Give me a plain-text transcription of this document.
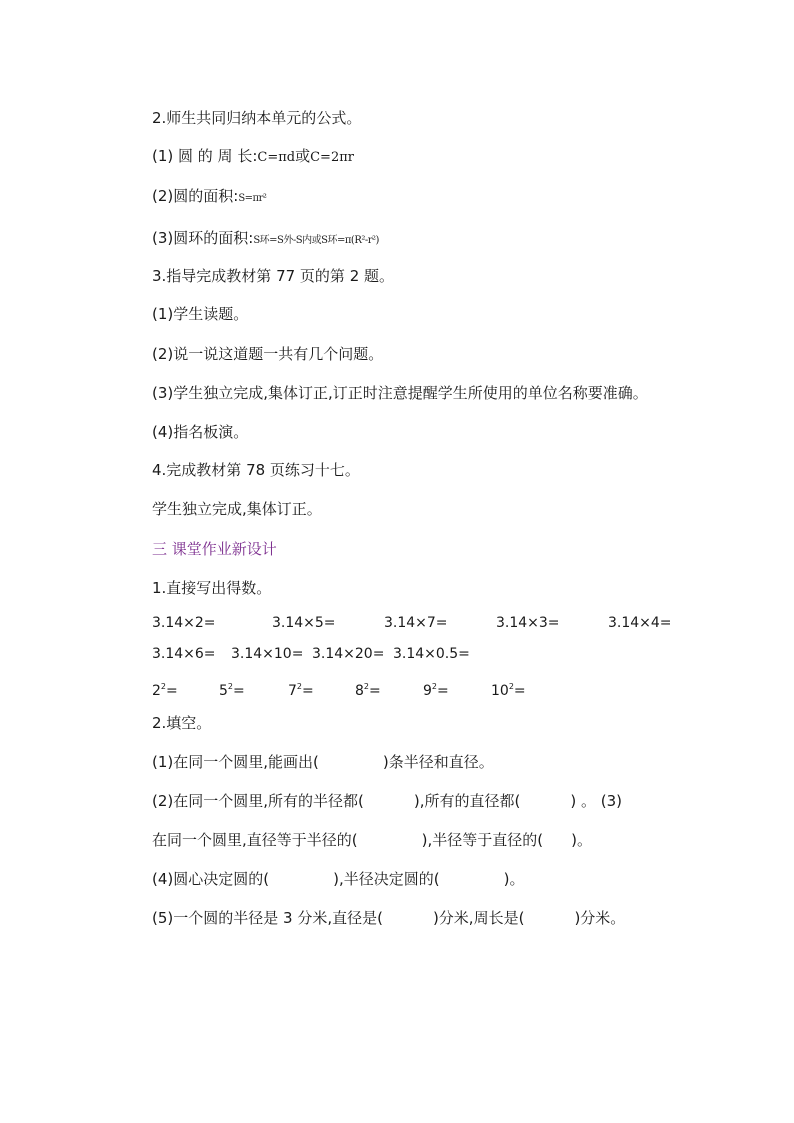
2.师生共同归纳本单元的公式。
(1) 圆 的 周 长:C=πd或C=2πr
(2)圆的面积:S=πr²
(3)圆环的面积:S环=S外-S内或S环=π(R²-r²)
3.指导完成教材第 77 页的第 2 题。
(1)学生读题。
(2)说一说这道题一共有几个问题。
(3)学生独立完成,集体订正,订正时注意提醒学生所使用的单位名称要准确。
(4)指名板演。
4.完成教材第 78 页练习十七。
学生独立完成,集体订正。
三 课堂作业新设计
1.直接写出得数。
3.14×2=	3.14×5=	3.14×7=	3.14×3=	3.14×4=
3.14×6= 3.14×10= 3.14×20= 3.14×0.5=
$2^2=$	$5^2=$	$7^2=$	$8^2=$	$9^2=$	$10^2=$
2.填空。
(1)在同一个圆里,能画出(	)条半径和直径。
(2)在同一个圆里,所有的半径都(	),所有的直径都(	) 。 (3)
在同一个圆里,直径等于半径的(	),半径等于直径的( )。
(4)圆心决定圆的(	),半径决定圆的(	)。
(5)一个圆的半径是 3 分米,直径是(	)分米,周长是(	)分米。
